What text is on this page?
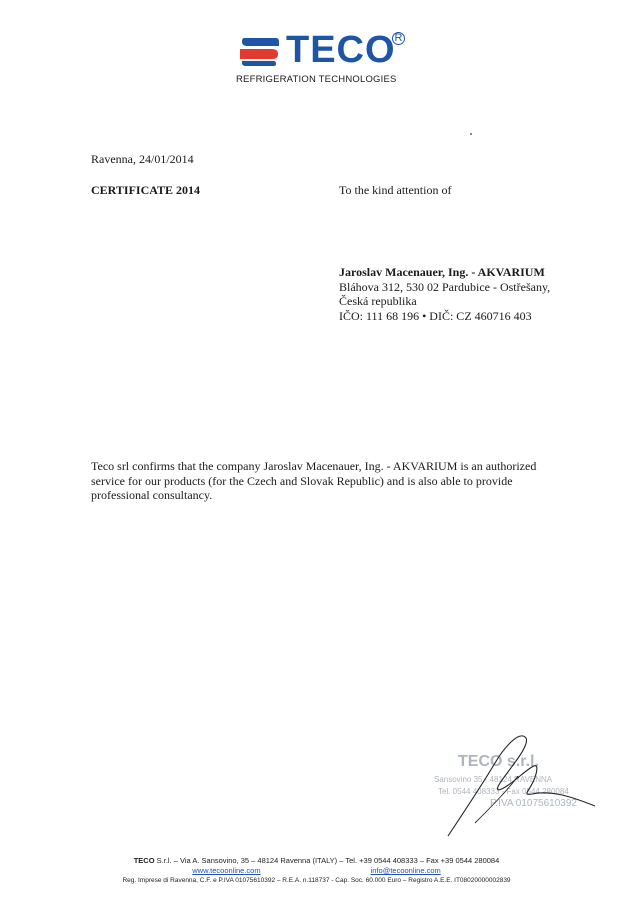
TECO
R
REFRIGERATION TECHNOLOGIES
Ravenna, 24/01/2014
CERTIFICATE 2014	To the kind attention of
Jaroslav Macenauer, Ing. - AKVARIUM
Bláhova 312, 530 02 Pardubice - Ostřešany,
Česká republika
IČO: 111 68 196 • DIČ: CZ 460716 403
Teco srl confirms that the company Jaroslav Macenauer, Ing. - AKVARIUM is an authorized service for our products (for the Czech and Slovak Republic) and is also able to provide professional consultancy.
TECO s.r.l.
Sansovino 35 - 48124 RAVENNA
Tel. 0544 408333 - Fax 0544 280084
P.IVA 01075610392
TECO S.r.l. – Via A. Sansovino, 35 – 48124 Ravenna (ITALY) – Tel. +39 0544 408333 – Fax +39 0544 280084
www.tecoonline.com	info@tecoonline.com
Reg. Imprese di Ravenna, C.F. e P.IVA 01075610392 – R.E.A. n.118737 - Cap. Soc. 60.000 Euro – Registro A.E.E. IT08020000002839
